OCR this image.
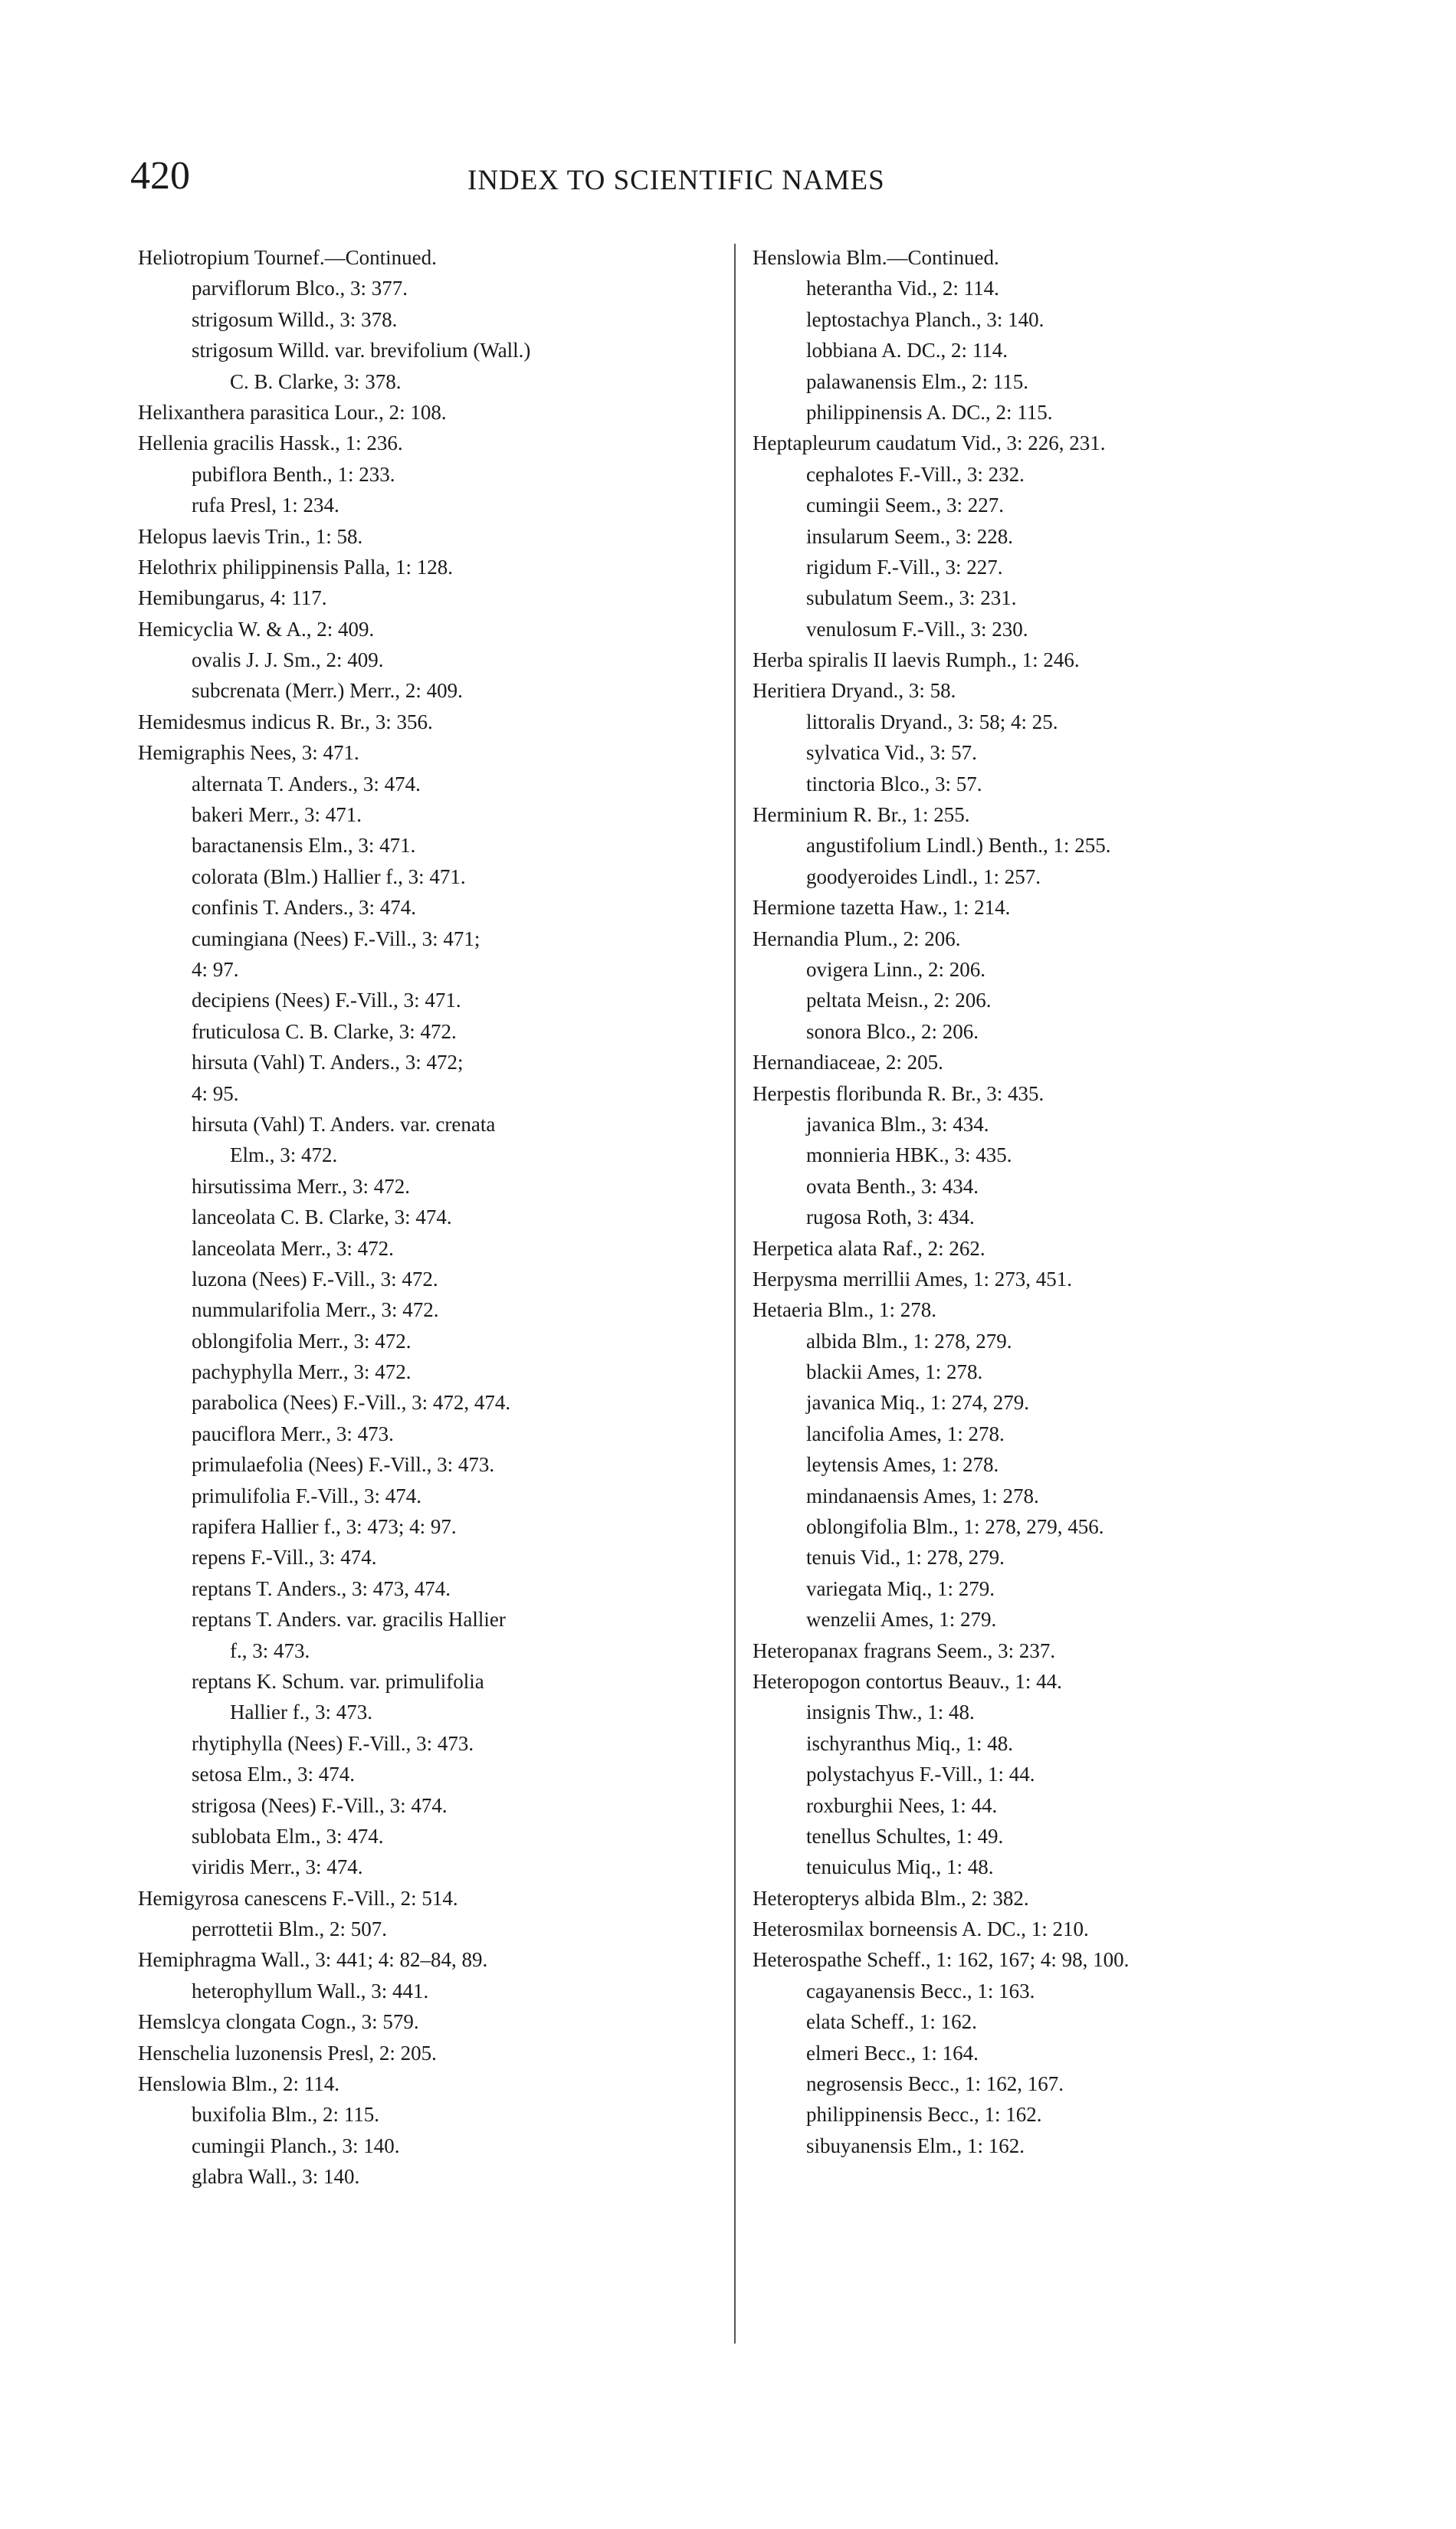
420	INDEX TO SCIENTIFIC NAMES
Heliotropium Tournef.—Continued.
parviflorum Blco., 3: 377.
strigosum Willd., 3: 378.
strigosum Willd. var. brevifolium (Wall.)
C. B. Clarke, 3: 378.
Helixanthera parasitica Lour., 2: 108.
Hellenia gracilis Hassk., 1: 236.
pubiflora Benth., 1: 233.
rufa Presl, 1: 234.
Helopus laevis Trin., 1: 58.
Helothrix philippinensis Palla, 1: 128.
Hemibungarus, 4: 117.
Hemicyclia W. & A., 2: 409.
ovalis J. J. Sm., 2: 409.
subcrenata (Merr.) Merr., 2: 409.
Hemidesmus indicus R. Br., 3: 356.
Hemigraphis Nees, 3: 471.
alternata T. Anders., 3: 474.
bakeri Merr., 3: 471.
baractanensis Elm., 3: 471.
colorata (Blm.) Hallier f., 3: 471.
confinis T. Anders., 3: 474.
cumingiana (Nees) F.-Vill., 3: 471;
4: 97.
decipiens (Nees) F.-Vill., 3: 471.
fruticulosa C. B. Clarke, 3: 472.
hirsuta (Vahl) T. Anders., 3: 472;
4: 95.
hirsuta (Vahl) T. Anders. var. crenata
Elm., 3: 472.
hirsutissima Merr., 3: 472.
lanceolata C. B. Clarke, 3: 474.
lanceolata Merr., 3: 472.
luzona (Nees) F.-Vill., 3: 472.
nummularifolia Merr., 3: 472.
oblongifolia Merr., 3: 472.
pachyphylla Merr., 3: 472.
parabolica (Nees) F.-Vill., 3: 472, 474.
pauciflora Merr., 3: 473.
primulaefolia (Nees) F.-Vill., 3: 473.
primulifolia F.-Vill., 3: 474.
rapifera Hallier f., 3: 473; 4: 97.
repens F.-Vill., 3: 474.
reptans T. Anders., 3: 473, 474.
reptans T. Anders. var. gracilis Hallier
f., 3: 473.
reptans K. Schum. var. primulifolia
Hallier f., 3: 473.
rhytiphylla (Nees) F.-Vill., 3: 473.
setosa Elm., 3: 474.
strigosa (Nees) F.-Vill., 3: 474.
sublobata Elm., 3: 474.
viridis Merr., 3: 474.
Hemigyrosa canescens F.-Vill., 2: 514.
perrottetii Blm., 2: 507.
Hemiphragma Wall., 3: 441; 4: 82–84, 89.
heterophyllum Wall., 3: 441.
Hemslcya clongata Cogn., 3: 579.
Henschelia luzonensis Presl, 2: 205.
Henslowia Blm., 2: 114.
buxifolia Blm., 2: 115.
cumingii Planch., 3: 140.
glabra Wall., 3: 140.
Henslowia Blm.—Continued.
heterantha Vid., 2: 114.
leptostachya Planch., 3: 140.
lobbiana A. DC., 2: 114.
palawanensis Elm., 2: 115.
philippinensis A. DC., 2: 115.
Heptapleurum caudatum Vid., 3: 226, 231.
cephalotes F.-Vill., 3: 232.
cumingii Seem., 3: 227.
insularum Seem., 3: 228.
rigidum F.-Vill., 3: 227.
subulatum Seem., 3: 231.
venulosum F.-Vill., 3: 230.
Herba spiralis II laevis Rumph., 1: 246.
Heritiera Dryand., 3: 58.
littoralis Dryand., 3: 58; 4: 25.
sylvatica Vid., 3: 57.
tinctoria Blco., 3: 57.
Herminium R. Br., 1: 255.
angustifolium Lindl.) Benth., 1: 255.
goodyeroides Lindl., 1: 257.
Hermione tazetta Haw., 1: 214.
Hernandia Plum., 2: 206.
ovigera Linn., 2: 206.
peltata Meisn., 2: 206.
sonora Blco., 2: 206.
Hernandiaceae, 2: 205.
Herpestis floribunda R. Br., 3: 435.
javanica Blm., 3: 434.
monnieria HBK., 3: 435.
ovata Benth., 3: 434.
rugosa Roth, 3: 434.
Herpetica alata Raf., 2: 262.
Herpysma merrillii Ames, 1: 273, 451.
Hetaeria Blm., 1: 278.
albida Blm., 1: 278, 279.
blackii Ames, 1: 278.
javanica Miq., 1: 274, 279.
lancifolia Ames, 1: 278.
leytensis Ames, 1: 278.
mindanaensis Ames, 1: 278.
oblongifolia Blm., 1: 278, 279, 456.
tenuis Vid., 1: 278, 279.
variegata Miq., 1: 279.
wenzelii Ames, 1: 279.
Heteropanax fragrans Seem., 3: 237.
Heteropogon contortus Beauv., 1: 44.
insignis Thw., 1: 48.
ischyranthus Miq., 1: 48.
polystachyus F.-Vill., 1: 44.
roxburghii Nees, 1: 44.
tenellus Schultes, 1: 49.
tenuiculus Miq., 1: 48.
Heteropterys albida Blm., 2: 382.
Heterosmilax borneensis A. DC., 1: 210.
Heterospathe Scheff., 1: 162, 167; 4: 98, 100.
cagayanensis Becc., 1: 163.
elata Scheff., 1: 162.
elmeri Becc., 1: 164.
negrosensis Becc., 1: 162, 167.
philippinensis Becc., 1: 162.
sibuyanensis Elm., 1: 162.
